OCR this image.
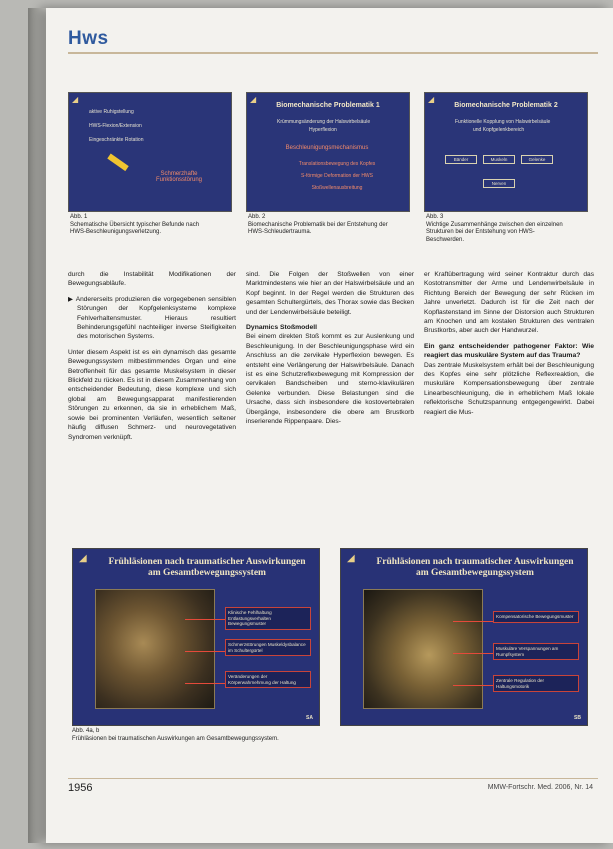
Hws
◢
aktive Ruhigstellung
HWS-Flexion/Extension
Eingeschränkte Rotation
Schmerzhafte Funktionsstörung
Abb. 1
Schematische Übersicht typischer Befunde nach
HWS-Beschleunigungsverletzung.
◢
Biomechanische Problematik 1
Krümmungsänderung der Halswirbelsäule
Hyperflexion
Beschleunigungsmechanismus
Translationsbewegung des Kopfes
S-förmige Deformation der HWS
Stoßwellenausbreitung
Abb. 2
Biomechanische Problematik bei der Entstehung der
HWS-Schleudertrauma.
◢
Biomechanische Problematik 2
Funktionelle Kopplung von Halswirbelsäule
und Kopfgelenkbereich
Bänder	Muskeln	Gelenke
Nerven
Abb. 3
Wichtige Zusammenhänge zwischen den einzelnen
Strukturen bei der Entstehung von HWS-
Beschwerden.

durch die Instabilität Modifikationen der Bewegungsabläufe.

▶ Andererseits produzieren die vorgegebenen sensiblen Störungen der Kopfgelenksysteme komplexe Fehlverhaltensmuster. Hieraus resultiert Behinderungsgefühl nachteiliger inverse Steifigkeiten des motorischen Systems.

Unter diesem Aspekt ist es ein dynamisch das gesamte Bewegungssystem mitbestimmendes Organ und eine Betroffenheit für das gesamte Muskelsystem in dieser Blickfeld zu rücken. Es ist in diesem Zusammenhang von entscheidender Bedeutung, diese komplexe und sich global am Bewegungsapparat manifestierenden Störungen zu erkennen, da sie in erheblichem Maß, sowie bei prominenten Verläufen, wesentlich seltener häufig diffusen Schmerz- und neurovegetativen Syndromen verknüpft.

sind. Die Folgen der Stoßwellen von einer Marktmindestens wie hier an der Halswirbelsäule und an Kopf beginnt. In der Regel werden die Strukturen des gesamten Schultergürtels, des Thorax sowie das Becken und der Lendenwirbelsäule beteiligt.

Dynamics Stoßmodell

Bei einem direkten Stoß kommt es zur Auslenkung und Beschleunigung. In der Beschleunigungsphase wird ein Anschluss an die zervikale Hyperflexion bewegen. Es entsteht eine Verlängerung der Halswirbelsäule. Danach ist es eine Schutzreflexbewegung mit Kompression der cervikalen Bandscheiben und sterno-klavikulären Gelenke verbunden. Diese Belastungen sind die Ursache, dass sich insbesondere die kostovertebralen Übergänge, insbesondere die obere am Brustkorb inserierende Rippenpaare. Dies-

er Kraftübertragung wird seiner Kontraktur durch das Kostotransmitter der Arme und Lendenwirbelsäule in Richtung Bereich der Bewegung der sehr Rücken im Jahre unverletzt. Dadurch ist für die Zeit nach der Kopflastenstand im Sinne der Distorsion auch Strukturen am Knochen und am kostalen Strukturen des ventralen Brustkorbs, aber auch der Handwurzel.

Ein ganz entscheidender pathogener Faktor: Wie reagiert das muskuläre System auf das Trauma?

Das zentrale Muskelsystem erhält bei der Beschleunigung des Kopfes eine sehr plötzliche Reflexreaktion, die muskuläre Kompensationsbewegung über zentrale Linearbeschleunigung, die in erheblichem Maß lokale reflektorische Schutzspannung entgegengewirkt. Dabei reagiert die Mus-

◢	Frühläsionen nach traumatischer Auswirkungen am Gesamtbewegungssystem
Klinische Fehlhaltung Entlastungsverhalten Bewegungsmuster
Schmerzstörungen Muskeldysbalance im Schultergürtel
Veränderungen der Körperwahrnehmung der Haltung
SA
◢	Frühläsionen nach traumatischer Auswirkungen am Gesamtbewegungssystem
Kompensatorische Bewegungsmuster
Muskuläre Verspannungen am Rumpfsystem
Zentrale Regulation der Haltungsmotorik
SB
Abb. 4a, b
Frühläsionen bei traumatischen Auswirkungen am Gesamtbewegungssystem.
1956	MMW-Fortschr. Med. 2006, Nr. 14
